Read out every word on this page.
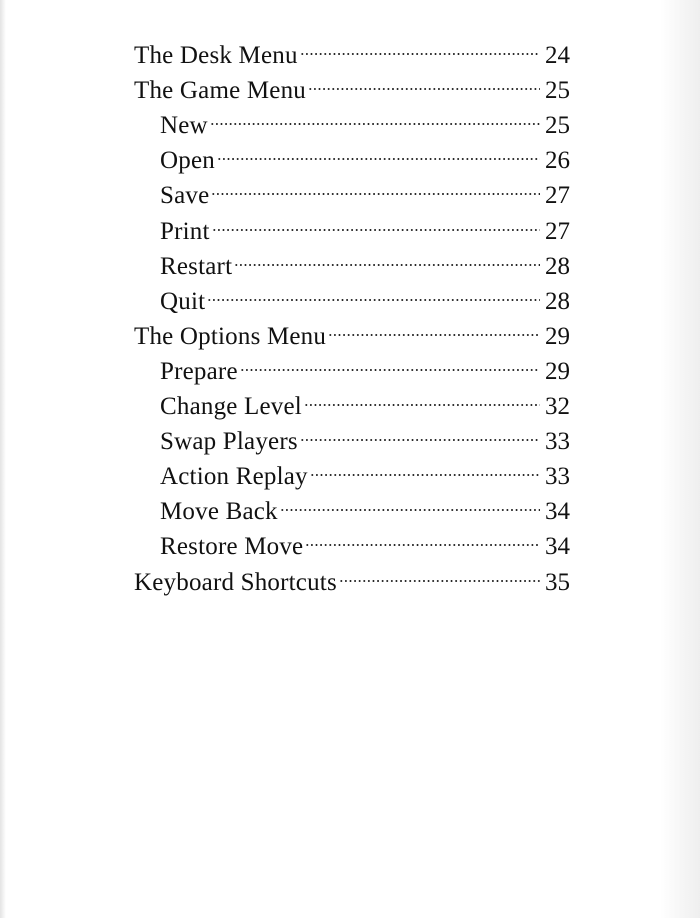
The Desk Menu	24
The Game Menu	25
New	25
Open	26
Save	27
Print	27
Restart	28
Quit	28
The Options Menu	29
Prepare	29
Change Level	32
Swap Players	33
Action Replay	33
Move Back	34
Restore Move	34
Keyboard Shortcuts	35
